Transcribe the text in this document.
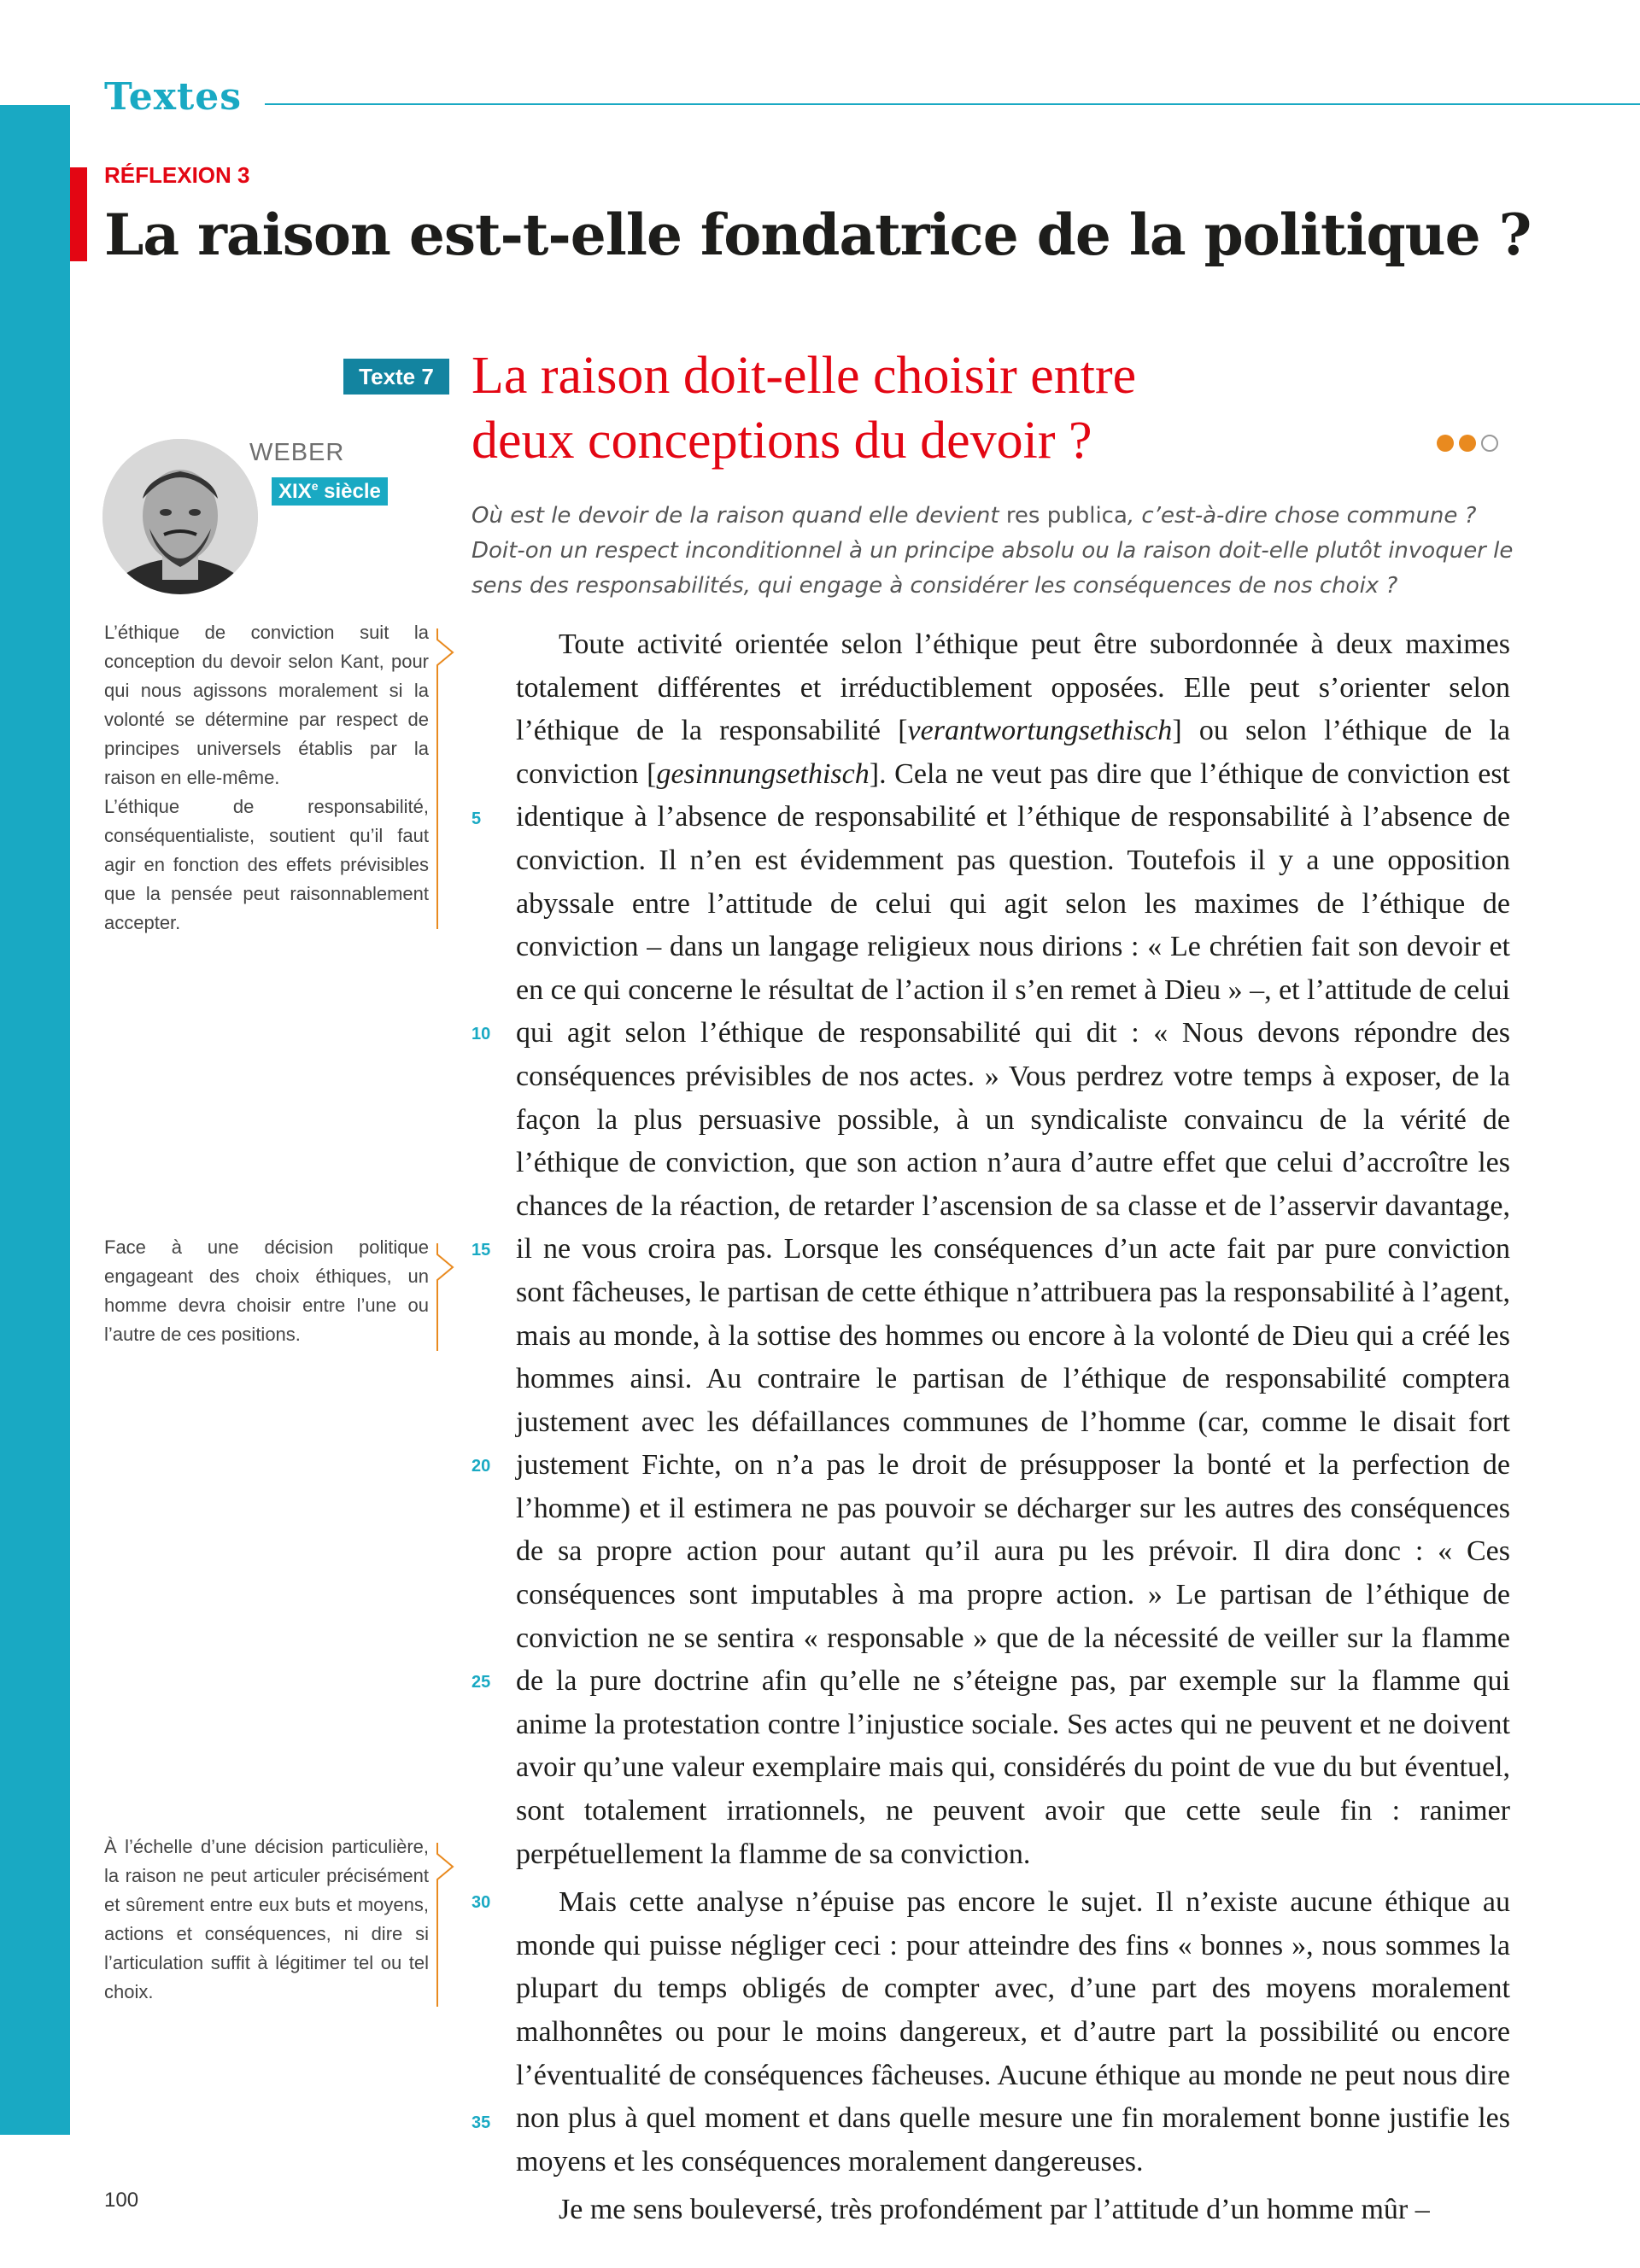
Textes
RÉFLEXION 3
La raison est-t-elle fondatrice de la politique ?
Texte 7 La raison doit-elle choisir entre deux conceptions du devoir ?
WEBER
XIXe siècle

L’éthique de conviction suit la conception du devoir selon Kant, pour qui nous agissons moralement si la volonté se détermine par respect de principes universels établis par la raison en elle-même.

L’éthique de responsabilité, conséquentialiste, soutient qu’il faut agir en fonction des effets prévisibles que la pensée peut raisonnablement accepter.

Face à une décision politique engageant des choix éthiques, un homme devra choisir entre l’une ou l’autre de ces positions.

À l’échelle d’une décision particulière, la raison ne peut articuler précisément et sûrement entre eux buts et moyens, actions et conséquences, ni dire si l’articulation suffit à légitimer tel ou tel choix.

Où est le devoir de la raison quand elle devient res publica, c’est-à-dire chose commune ? Doit-on un respect inconditionnel à un principe absolu ou la raison doit-elle plutôt invoquer le sens des responsabilités, qui engage à considérer les conséquences de nos choix ?

Toute activité orientée selon l’éthique peut être subordonnée à deux maximes totalement différentes et irréductiblement opposées. Elle peut s’orienter selon l’éthique de la responsabilité [verantwortungsethisch] ou selon l’éthique de la conviction [gesinnungsethisch]. Cela ne veut pas dire que l’éthique de conviction est identique à l’absence de responsabilité et l’éthique de responsabilité à l’absence de conviction. Il n’en est évidemment pas question. Toutefois il y a une opposition abyssale entre l’attitude de celui qui agit selon les maximes de l’éthique de conviction – dans un langage religieux nous dirions : « Le chrétien fait son devoir et en ce qui concerne le résultat de l’action il s’en remet à Dieu » –, et l’attitude de celui qui agit selon l’éthique de responsabilité qui dit : « Nous devons répondre des conséquences prévisibles de nos actes. » Vous perdrez votre temps à exposer, de la façon la plus persuasive possible, à un syndicaliste convaincu de la vérité de l’éthique de conviction, que son action n’aura d’autre effet que celui d’accroître les chances de la réaction, de retarder l’ascension de sa classe et de l’asservir davantage, il ne vous croira pas. Lorsque les conséquences d’un acte fait par pure conviction sont fâcheuses, le partisan de cette éthique n’attribuera pas la responsabilité à l’agent, mais au monde, à la sottise des hommes ou encore à la volonté de Dieu qui a créé les hommes ainsi. Au contraire le partisan de l’éthique de responsabilité comptera justement avec les défaillances communes de l’homme (car, comme le disait fort justement Fichte, on n’a pas le droit de présupposer la bonté et la perfection de l’homme) et il estimera ne pas pouvoir se décharger sur les autres des conséquences de sa propre action pour autant qu’il aura pu les prévoir. Il dira donc : « Ces conséquences sont imputables à ma propre action. » Le partisan de l’éthique de conviction ne se sentira « responsable » que de la nécessité de veiller sur la flamme de la pure doctrine afin qu’elle ne s’éteigne pas, par exemple sur la flamme qui anime la protestation contre l’injustice sociale. Ses actes qui ne peuvent et ne doivent avoir qu’une valeur exemplaire mais qui, considérés du point de vue du but éventuel, sont totalement irrationnels, ne peuvent avoir que cette seule fin : ranimer perpétuellement la flamme de sa conviction.

Mais cette analyse n’épuise pas encore le sujet. Il n’existe aucune éthique au monde qui puisse négliger ceci : pour atteindre des fins « bonnes », nous sommes la plupart du temps obligés de compter avec, d’une part des moyens moralement malhonnêtes ou pour le moins dangereux, et d’autre part la possibilité ou encore l’éventualité de conséquences fâcheuses. Aucune éthique au monde ne peut nous dire non plus à quel moment et dans quelle mesure une fin moralement bonne justifie les moyens et les conséquences moralement dangereuses.

Je me sens bouleversé, très profondément par l’attitude d’un homme mûr –

5
10
15
20
25
30
35
100
